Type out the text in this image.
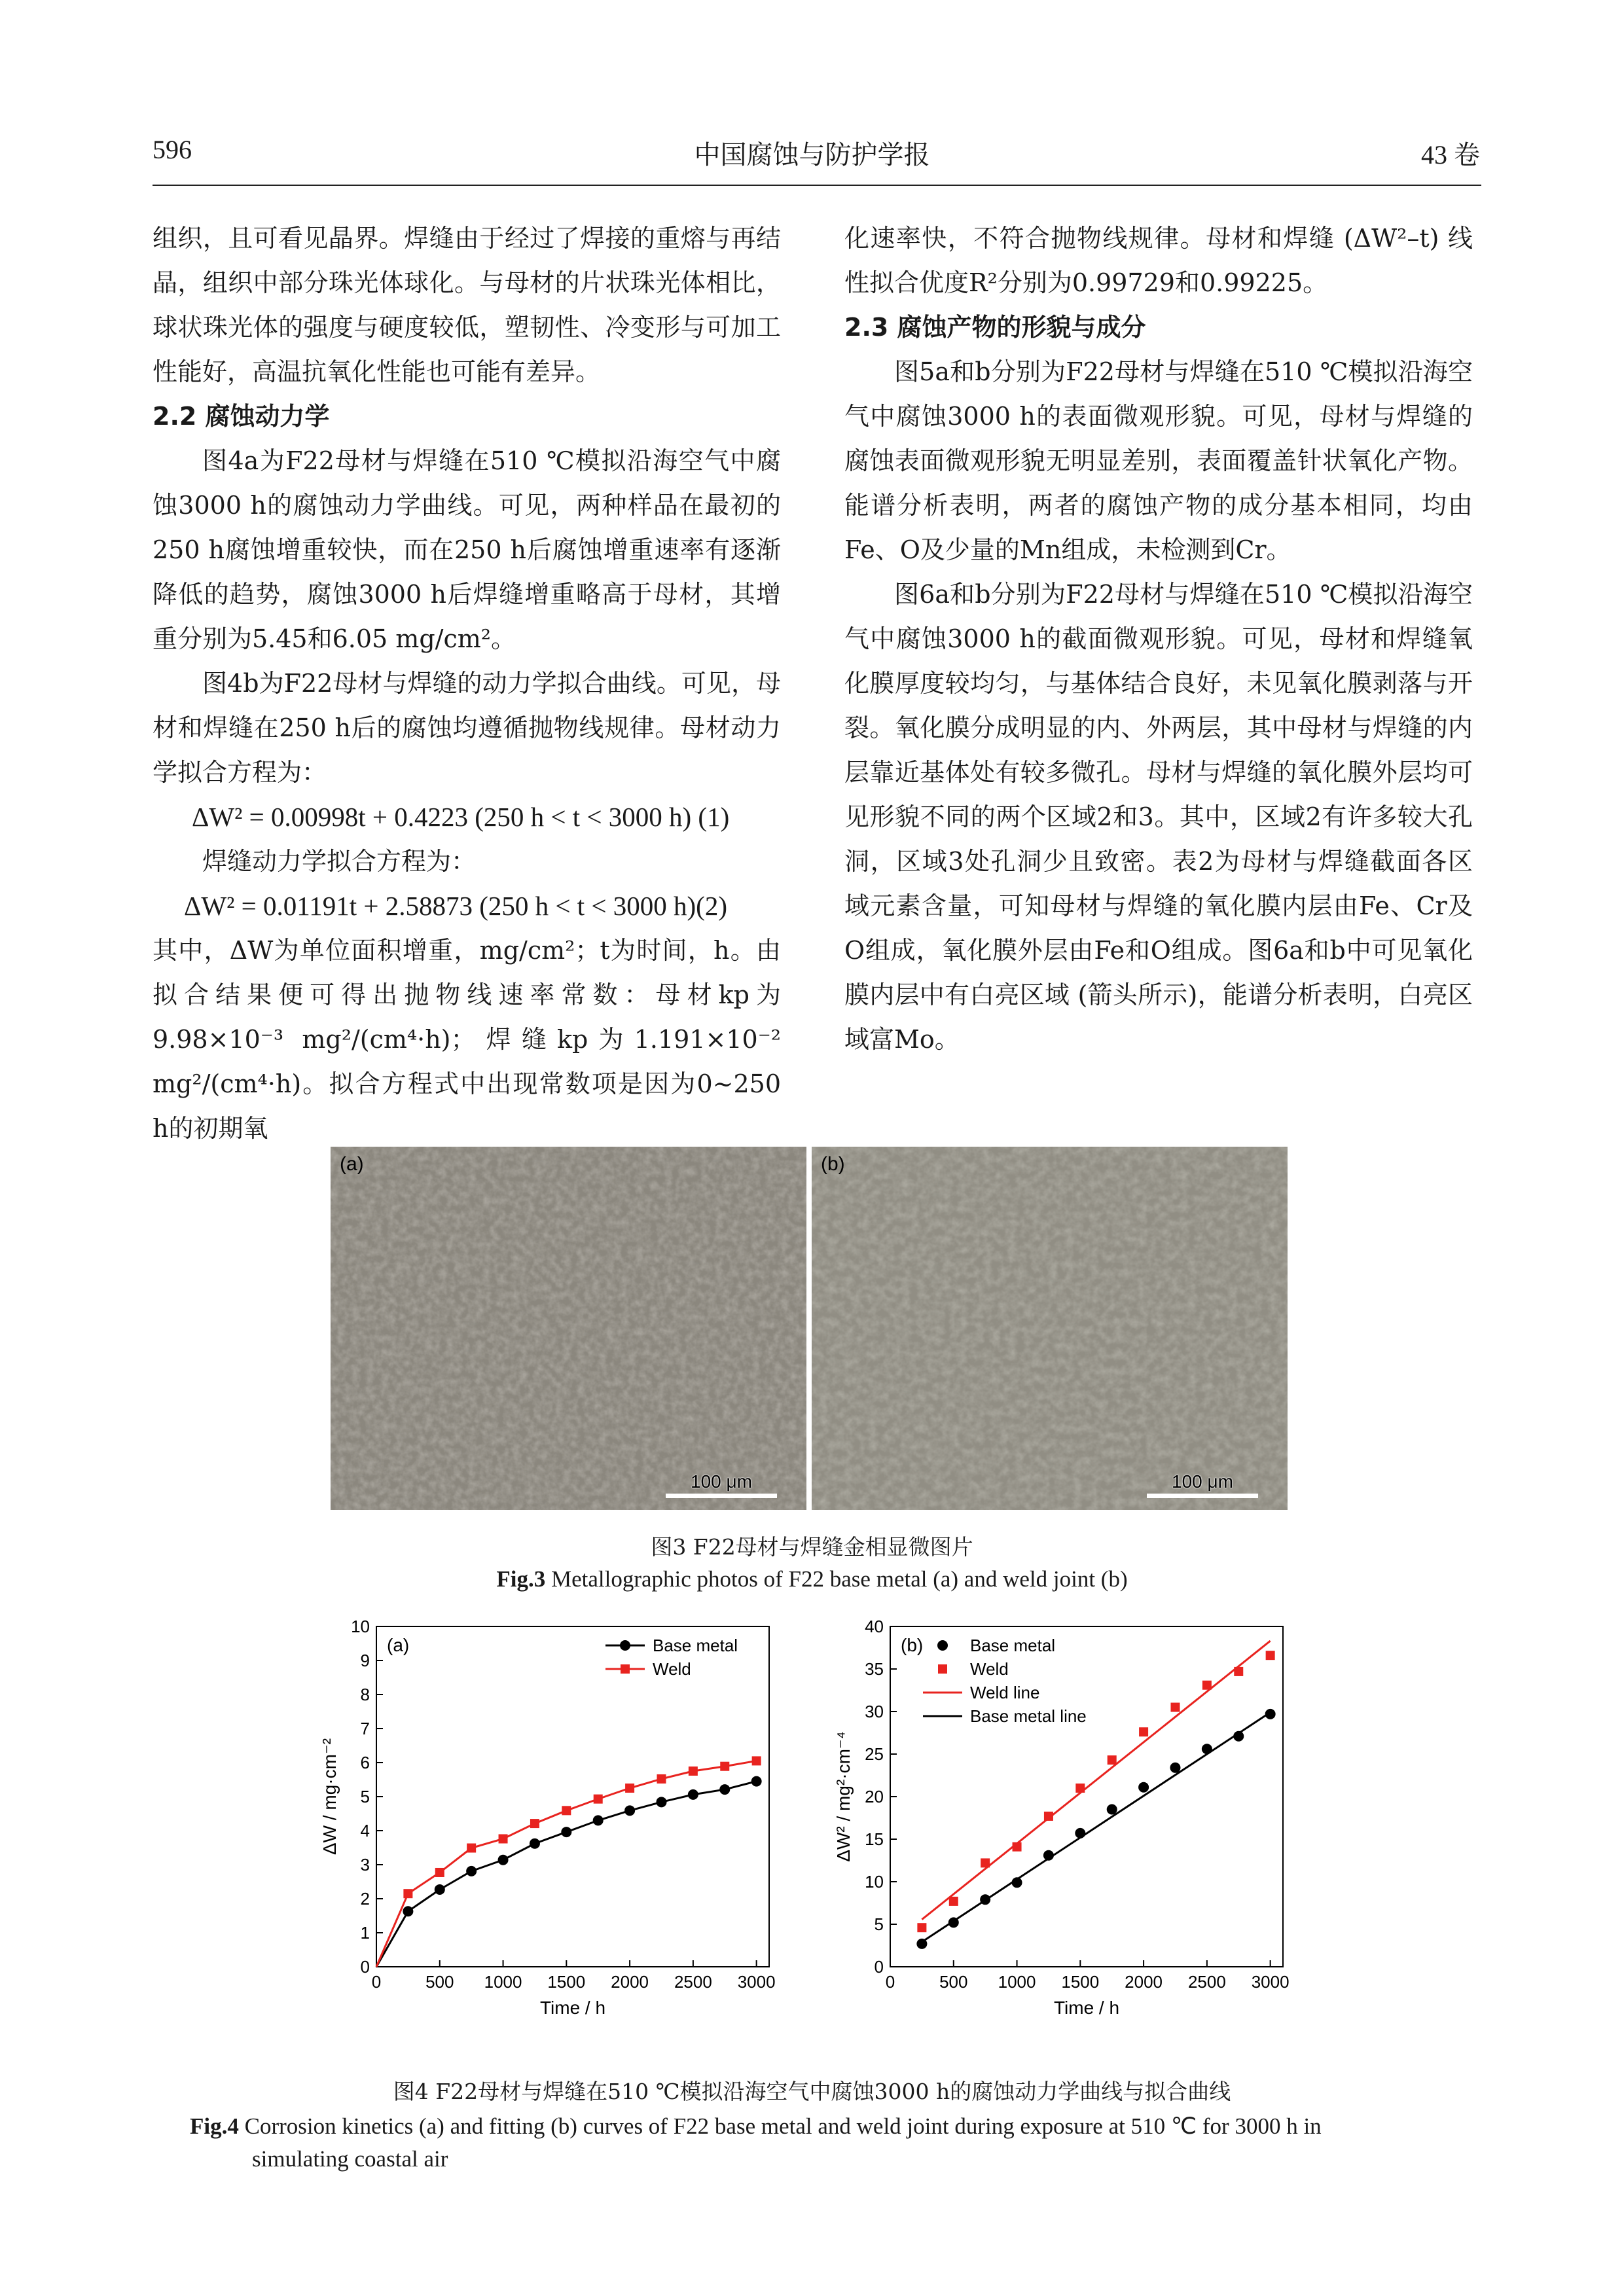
596	中国腐蚀与防护学报	43 卷

组织，且可看见晶界。焊缝由于经过了焊接的重熔与再结晶，组织中部分珠光体球化。与母材的片状珠光体相比，球状珠光体的强度与硬度较低，塑韧性、冷变形与可加工性能好，高温抗氧化性能也可能有差异。

2.2 腐蚀动力学

图4a为F22母材与焊缝在510 ℃模拟沿海空气中腐蚀3000 h的腐蚀动力学曲线。可见，两种样品在最初的250 h腐蚀增重较快，而在250 h后腐蚀增重速率有逐渐降低的趋势，腐蚀3000 h后焊缝增重略高于母材，其增重分别为5.45和6.05 mg/cm²。

图4b为F22母材与焊缝的动力学拟合曲线。可见，母材和焊缝在250 h后的腐蚀均遵循抛物线规律。母材动力学拟合方程为：

ΔW² = 0.00998t + 0.4223 (250 h < t < 3000 h) (1)

焊缝动力学拟合方程为：

ΔW² = 0.01191t + 2.58873 (250 h < t < 3000 h)(2)

其中，ΔW为单位面积增重，mg/cm²；t为时间，h。由拟合结果便可得出抛物线速率常数：母材kp为9.98×10⁻³ mg²/(cm⁴·h)；焊缝kp为1.191×10⁻² mg²/(cm⁴·h)。拟合方程式中出现常数项是因为0~250 h的初期氧

化速率快，不符合抛物线规律。母材和焊缝 (ΔW²–t) 线性拟合优度R²分别为0.99729和0.99225。

2.3 腐蚀产物的形貌与成分

图5a和b分别为F22母材与焊缝在510 ℃模拟沿海空气中腐蚀3000 h的表面微观形貌。可见，母材与焊缝的腐蚀表面微观形貌无明显差别，表面覆盖针状氧化产物。能谱分析表明，两者的腐蚀产物的成分基本相同，均由Fe、O及少量的Mn组成，未检测到Cr。

图6a和b分别为F22母材与焊缝在510 ℃模拟沿海空气中腐蚀3000 h的截面微观形貌。可见，母材和焊缝氧化膜厚度较均匀，与基体结合良好，未见氧化膜剥落与开裂。氧化膜分成明显的内、外两层，其中母材与焊缝的内层靠近基体处有较多微孔。母材与焊缝的氧化膜外层均可见形貌不同的两个区域2和3。其中，区域2有许多较大孔洞，区域3处孔洞少且致密。表2为母材与焊缝截面各区域元素含量，可知母材与焊缝的氧化膜内层由Fe、Cr及O组成，氧化膜外层由Fe和O组成。图6a和b中可见氧化膜内层中有白亮区域 (箭头所示)，能谱分析表明，白亮区域富Mo。

(a)
100 μm
(b)
100 μm
图3 F22母材与焊缝金相显微图片
Fig.3 Metallographic photos of F22 base metal (a) and weld joint (b)
500 1000 1500 2000 2500 3000
0
0
1
2
3
4
5
6
7
8
9
10
Time / h
ΔW / mg·cm⁻²
(a)	Base metal
Weld
500 1000 1500 2000 2500 3000
0
0
5
10
15
20
25
30
35
40
Time / h
ΔW² / mg²·cm⁻⁴
(b)	Base metal
Weld
Weld line
Base metal line
图4 F22母材与焊缝在510 ℃模拟沿海空气中腐蚀3000 h的腐蚀动力学曲线与拟合曲线
Fig.4 Corrosion kinetics (a) and fitting (b) curves of F22 base metal and weld joint during exposure at 510 ℃ for 3000 h in
simulating coastal air
